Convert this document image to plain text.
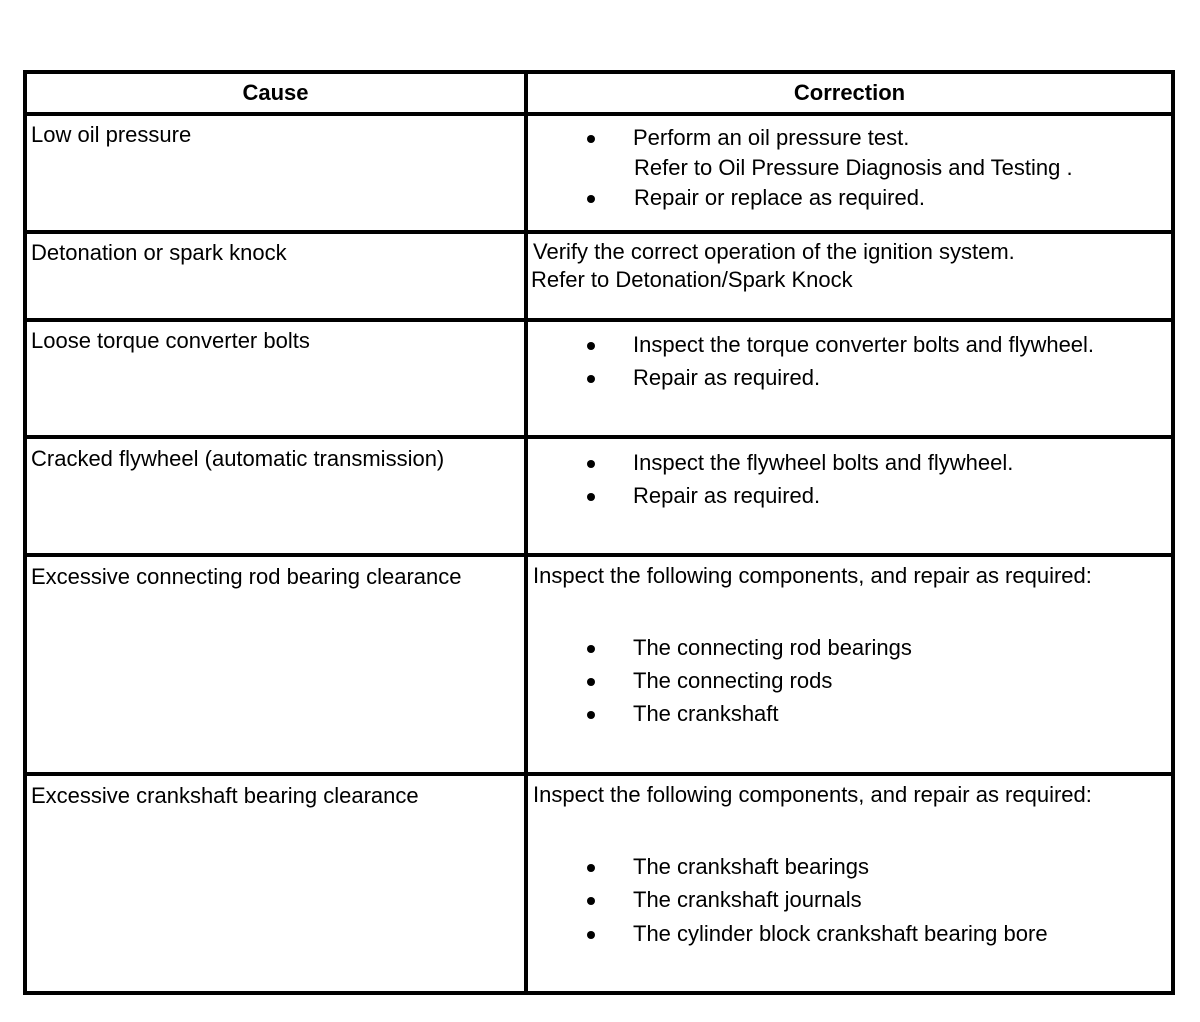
Cause	Correction
Low oil pressure	Perform an oil pressure test.
Refer to Oil Pressure Diagnosis and Testing .
Repair or replace as required.
Detonation or spark knock	Verify the correct operation of the ignition system.
Refer to Detonation/Spark Knock
Loose torque converter bolts	Inspect the torque converter bolts and flywheel.
Repair as required.
Cracked flywheel (automatic transmission)	Inspect the flywheel bolts and flywheel.
Repair as required.
Excessive connecting rod bearing clearance	Inspect the following components, and repair as required:
The connecting rod bearings
The connecting rods
The crankshaft
Excessive crankshaft bearing clearance	Inspect the following components, and repair as required:
The crankshaft bearings
The crankshaft journals
The cylinder block crankshaft bearing bore
